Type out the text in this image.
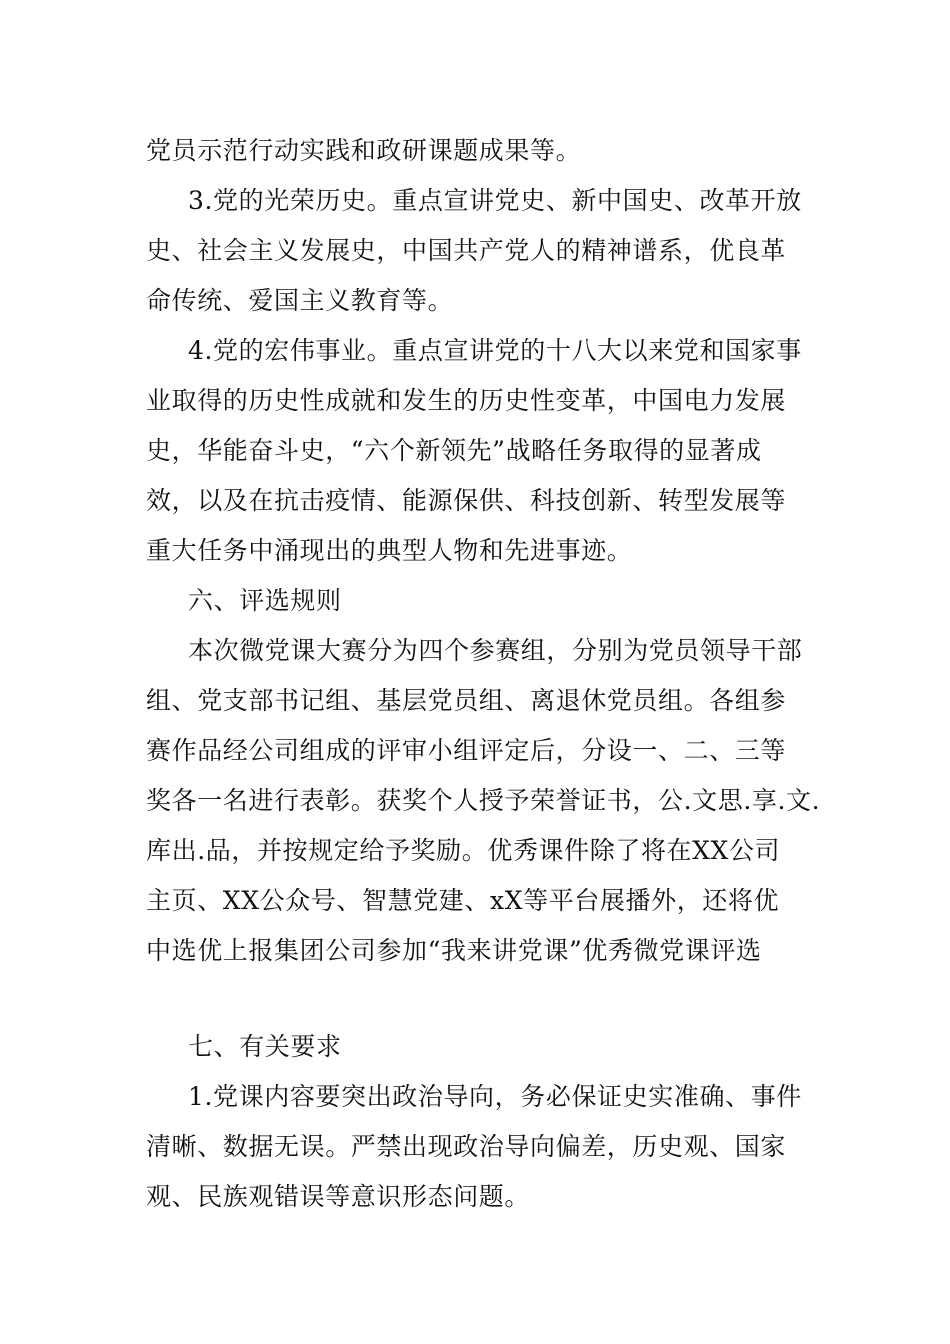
党员示范行动实践和政研课题成果等。
3.党的光荣历史。重点宣讲党史、新中国史、改革开放
史、社会主义发展史，中国共产党人的精神谱系，优良革
命传统、爱国主义教育等。
4.党的宏伟事业。重点宣讲党的十八大以来党和国家事
业取得的历史性成就和发生的历史性变革，中国电力发展
史，华能奋斗史，“六个新领先”战略任务取得的显著成
效，以及在抗击疫情、能源保供、科技创新、转型发展等
重大任务中涌现出的典型人物和先进事迹。
六、评选规则
本次微党课大赛分为四个参赛组，分别为党员领导干部
组、党支部书记组、基层党员组、离退休党员组。各组参
赛作品经公司组成的评审小组评定后，分设一、二、三等
奖各一名进行表彰。获奖个人授予荣誉证书，公.文思.享.文.
库出.品，并按规定给予奖励。优秀课件除了将在XX公司
主页、XX公众号、智慧党建、xX等平台展播外，还将优
中选优上报集团公司参加“我来讲党课”优秀微党课评选
七、有关要求
1.党课内容要突出政治导向，务必保证史实准确、事件
清晰、数据无误。严禁出现政治导向偏差，历史观、国家
观、民族观错误等意识形态问题。
